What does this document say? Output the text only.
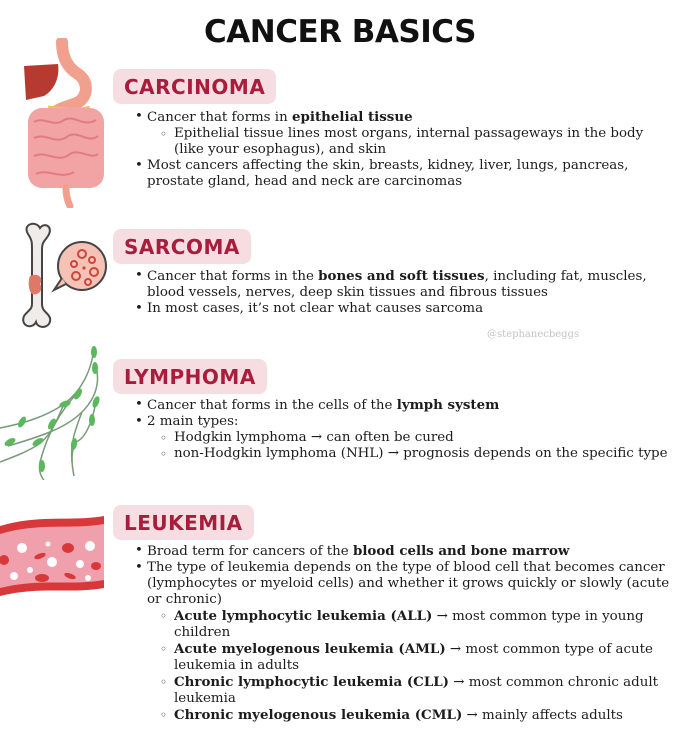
CANCER BASICS
CARCINOMA
• Cancer that forms in epithelial tissue
◦ Epithelial tissue lines most organs, internal passageways in the body (like your esophagus), and skin
• Most cancers affecting the skin, breasts, kidney, liver, lungs, pancreas, prostate gland, head and neck are carcinomas
SARCOMA
• Cancer that forms in the bones and soft tissues, including fat, muscles, blood vessels, nerves, deep skin tissues and fibrous tissues
• In most cases, it’s not clear what causes sarcoma
@stephanecbeggs
LYMPHOMA
• Cancer that forms in the cells of the lymph system
• 2 main types:
◦ Hodgkin lymphoma → can often be cured
◦ non-Hodgkin lymphoma (NHL) → prognosis depends on the specific type
LEUKEMIA
• Broad term for cancers of the blood cells and bone marrow
• The type of leukemia depends on the type of blood cell that becomes cancer (lymphocytes or myeloid cells) and whether it grows quickly or slowly (acute or chronic)
◦ Acute lymphocytic leukemia (ALL) → most common type in young children
◦ Acute myelogenous leukemia (AML) → most common type of acute leukemia in adults
◦ Chronic lymphocytic leukemia (CLL) → most common chronic adult leukemia
◦ Chronic myelogenous leukemia (CML) → mainly affects adults
